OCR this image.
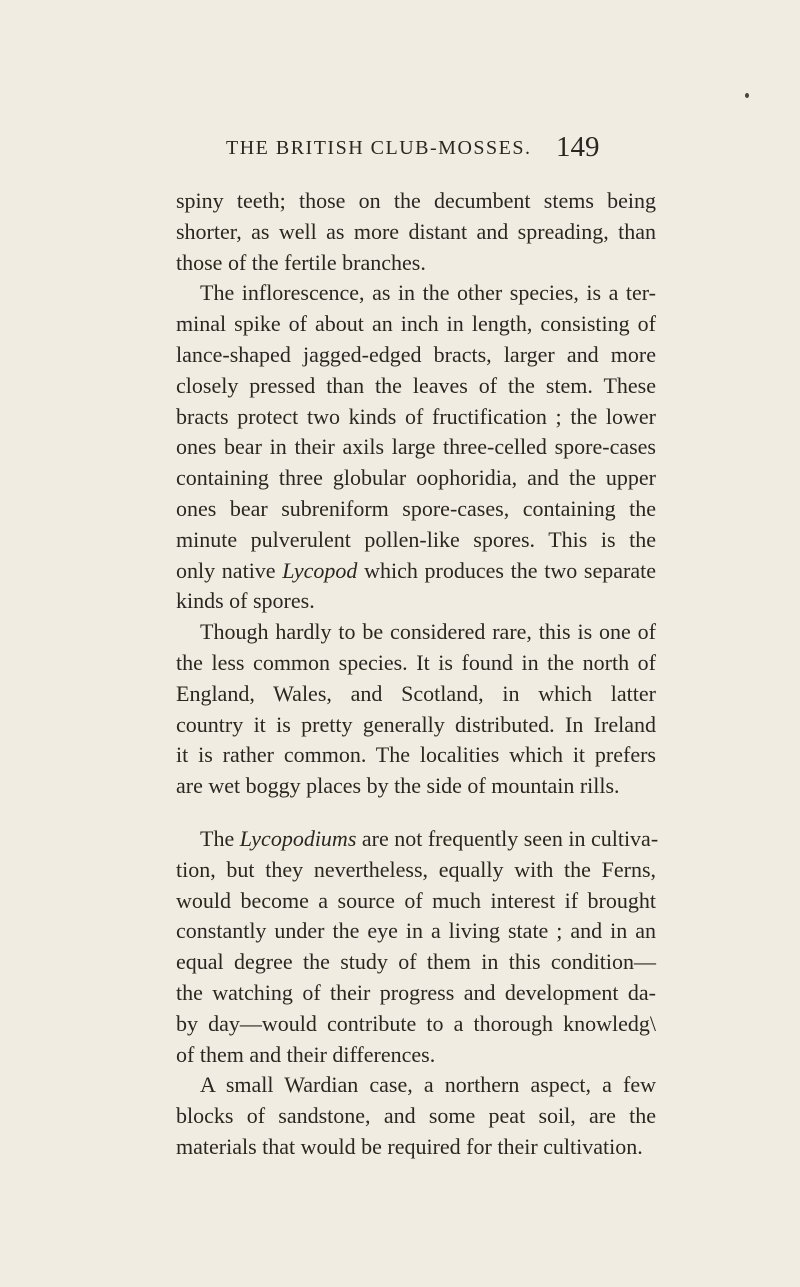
THE BRITISH CLUB-MOSSES. 149
spiny teeth; those on the decumbent stems being
shorter, as well as more distant and spreading, than
those of the fertile branches.
The inflorescence, as in the other species, is a ter-
minal spike of about an inch in length, consisting of
lance-shaped jagged-edged bracts, larger and more
closely pressed than the leaves of the stem. These
bracts protect two kinds of fructification ; the lower
ones bear in their axils large three-celled spore-cases
containing three globular oophoridia, and the upper
ones bear subreniform spore-cases, containing the
minute pulverulent pollen-like spores. This is the
only native Lycopod which produces the two separate
kinds of spores.
Though hardly to be considered rare, this is one of
the less common species. It is found in the north of
England, Wales, and Scotland, in which latter
country it is pretty generally distributed. In Ireland
it is rather common. The localities which it prefers
are wet boggy places by the side of mountain rills.
The Lycopodiums are not frequently seen in cultiva-
tion, but they nevertheless, equally with the Ferns,
would become a source of much interest if brought
constantly under the eye in a living state ; and in an
equal degree the study of them in this condition—
the watching of their progress and development da-
by day—would contribute to a thorough knowledg\
of them and their differences.
A small Wardian case, a northern aspect, a few
blocks of sandstone, and some peat soil, are the
materials that would be required for their cultivation.
